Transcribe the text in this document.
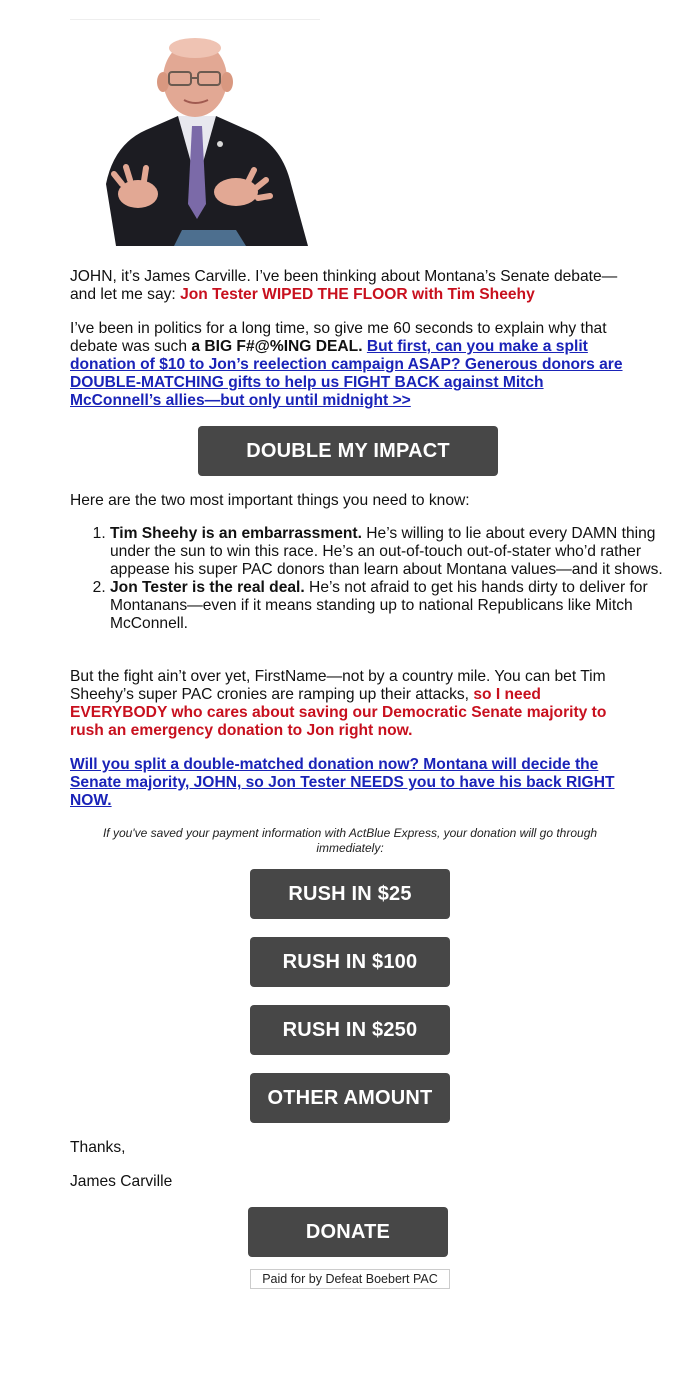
JOHN, it’s James Carville. I’ve been thinking about Montana’s Senate debate—and let me say: Jon Tester WIPED THE FLOOR with Tim Sheehy
I’ve been in politics for a long time, so give me 60 seconds to explain why that debate was such a BIG F#@%ING DEAL. But first, can you make a split donation of $10 to Jon’s reelection campaign ASAP? Generous donors are DOUBLE-MATCHING gifts to help us FIGHT BACK against Mitch McConnell’s allies—but only until midnight >>
DOUBLE MY IMPACT
Here are the two most important things you need to know:
1. Tim Sheehy is an embarrassment. He’s willing to lie about every DAMN thing under the sun to win this race. He’s an out-of-touch out-of-stater who’d rather appease his super PAC donors than learn about Montana values—and it shows.
2. Jon Tester is the real deal. He’s not afraid to get his hands dirty to deliver for Montanans—even if it means standing up to national Republicans like Mitch McConnell.
But the fight ain’t over yet, FirstName—not by a country mile. You can bet Tim Sheehy’s super PAC cronies are ramping up their attacks, so I need EVERYBODY who cares about saving our Democratic Senate majority to rush an emergency donation to Jon right now.
Will you split a double-matched donation now? Montana will decide the Senate majority, JOHN, so Jon Tester NEEDS you to have his back RIGHT NOW.
If you've saved your payment information with ActBlue Express, your donation will go through immediately:
RUSH IN $25
RUSH IN $100
RUSH IN $250
OTHER AMOUNT
Thanks,
James Carville
DONATE
Paid for by Defeat Boebert PAC
